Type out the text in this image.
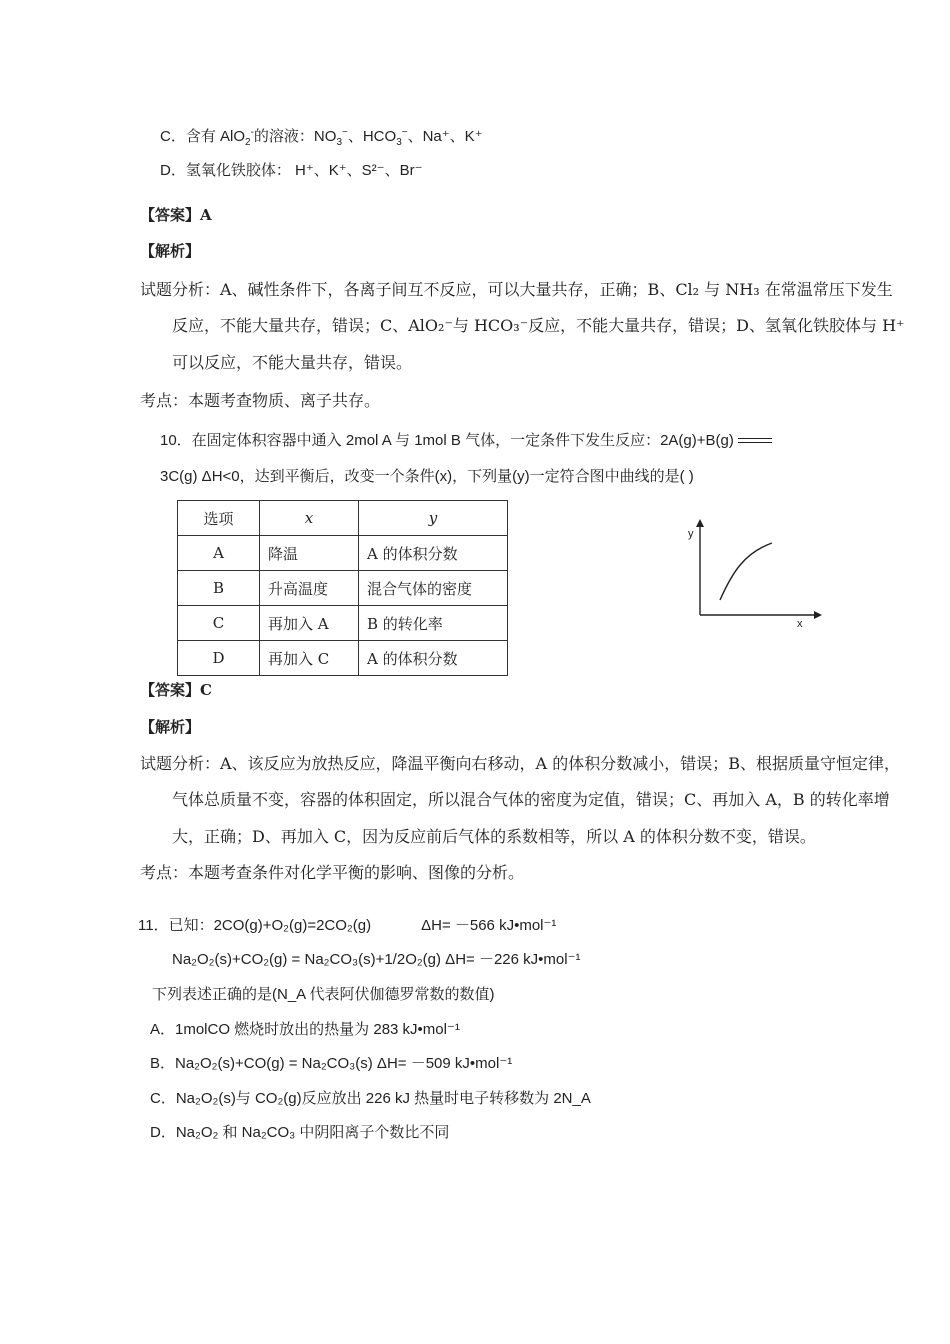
C．含有 AlO$_2$-的溶液：$NO_3^-$、$HCO_3^-$、Na⁺、K⁺
D．氢氧化铁胶体： H⁺、K⁺、S²⁻、Br⁻
【答案】A
【解析】
试题分析：A、碱性条件下，各离子间互不反应，可以大量共存，正确；B、Cl₂ 与 NH₃ 在常温常压下发生
反应，不能大量共存，错误；C、AlO₂⁻与 HCO₃⁻反应，不能大量共存，错误；D、氢氧化铁胶体与 H⁺
可以反应，不能大量共存，错误。
考点：本题考查物质、离子共存。
10．在固定体积容器中通入 2mol A 与 1mol B 气体，一定条件下发生反应：2A(g)+B(g)
3C(g) ΔH<0，达到平衡后，改变一个条件(x)，下列量(y)一定符合图中曲线的是( )
选项	x	y
A	降温	A 的体积分数
B	升高温度	混合气体的密度
C	再加入 A	B 的转化率
D	再加入 C	A 的体积分数
y
x
【答案】C
【解析】
试题分析：A、该反应为放热反应，降温平衡向右移动，A 的体积分数减小，错误；B、根据质量守恒定律，
气体总质量不变，容器的体积固定，所以混合气体的密度为定值，错误；C、再加入 A，B 的转化率增
大，正确；D、再加入 C，因为反应前后气体的系数相等，所以 A 的体积分数不变，错误。
考点：本题考查条件对化学平衡的影响、图像的分析。
11．已知：2CO(g)+O₂(g)=2CO₂(g)            ΔH= －566 kJ•mol⁻¹
Na₂O₂(s)+CO₂(g) = Na₂CO₃(s)+1/2O₂(g) ΔH= －226 kJ•mol⁻¹
下列表述正确的是(N_A 代表阿伏伽德罗常数的数值)
A．1molCO 燃烧时放出的热量为 283 kJ•mol⁻¹
B．Na₂O₂(s)+CO(g) = Na₂CO₃(s) ΔH= －509 kJ•mol⁻¹
C．Na₂O₂(s)与 CO₂(g)反应放出 226 kJ 热量时电子转移数为 2N_A
D．Na₂O₂ 和 Na₂CO₃ 中阴阳离子个数比不同
